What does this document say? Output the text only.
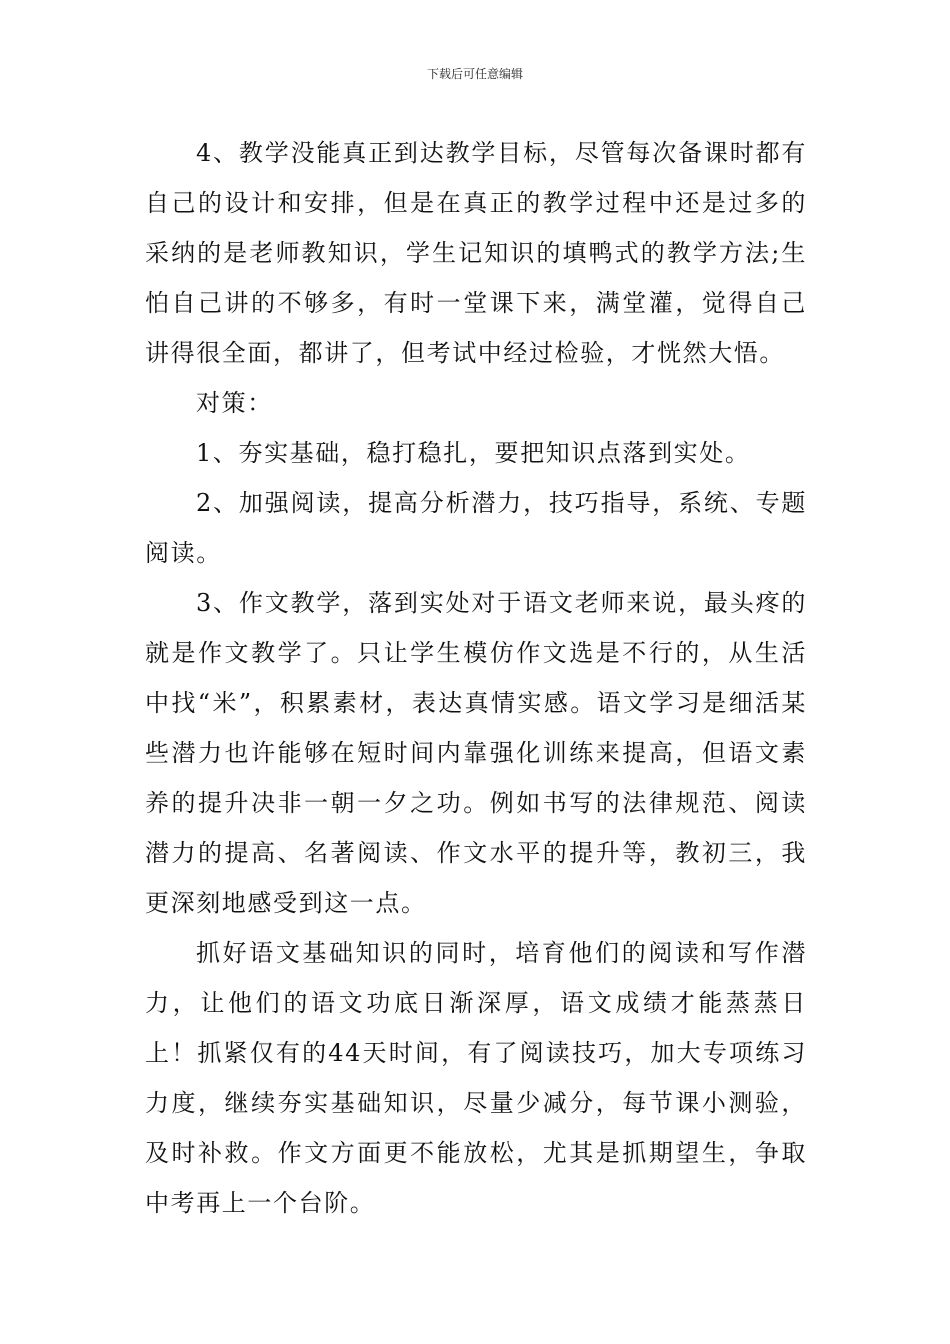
下载后可任意编辑

4、教学没能真正到达教学目标，尽管每次备课时都有自己的设计和安排，但是在真正的教学过程中还是过多的采纳的是老师教知识，学生记知识的填鸭式的教学方法;生怕自己讲的不够多，有时一堂课下来，满堂灌，觉得自己讲得很全面，都讲了，但考试中经过检验，才恍然大悟。

对策：

1、夯实基础，稳打稳扎，要把知识点落到实处。

2、加强阅读，提高分析潜力，技巧指导，系统、专题阅读。

3、作文教学，落到实处对于语文老师来说，最头疼的就是作文教学了。只让学生模仿作文选是不行的，从生活中找“米”，积累素材，表达真情实感。语文学习是细活某些潜力也许能够在短时间内靠强化训练来提高，但语文素养的提升决非一朝一夕之功。例如书写的法律规范、阅读潜力的提高、名著阅读、作文水平的提升等，教初三，我更深刻地感受到这一点。

抓好语文基础知识的同时，培育他们的阅读和写作潜力，让他们的语文功底日渐深厚，语文成绩才能蒸蒸日上！抓紧仅有的44天时间，有了阅读技巧，加大专项练习力度，继续夯实基础知识，尽量少减分，每节课小测验，及时补救。作文方面更不能放松，尤其是抓期望生，争取中考再上一个台阶。
